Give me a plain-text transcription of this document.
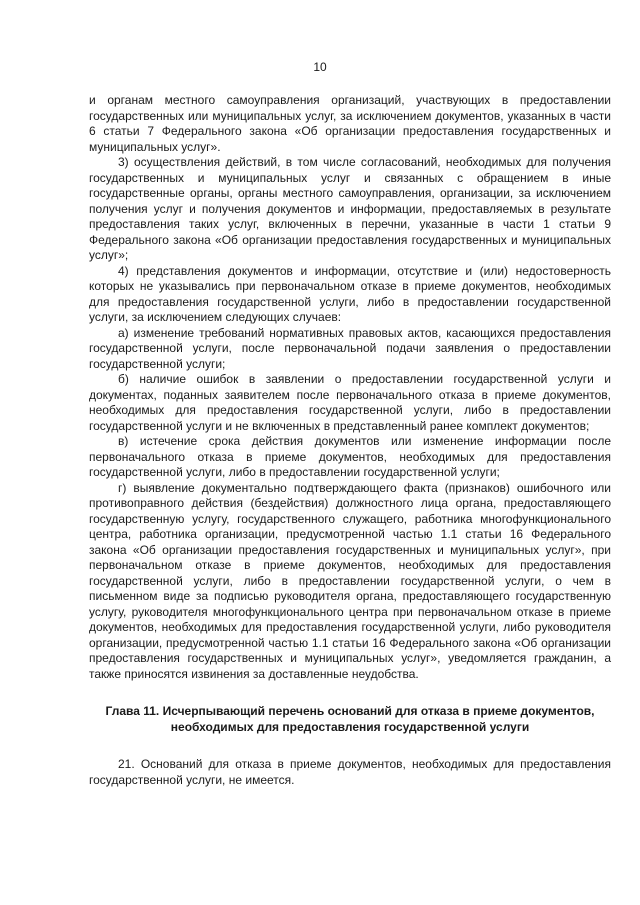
10

и органам местного самоуправления организаций, участвующих в предоставлении государственных или муниципальных услуг, за исключением документов, указанных в части 6 статьи 7 Федерального закона «Об организации предоставления государственных и муниципальных услуг».

3) осуществления действий, в том числе согласований, необходимых для получения государственных и муниципальных услуг и связанных с обращением в иные государственные органы, органы местного самоуправления, организации, за исключением получения услуг и получения документов и информации, предоставляемых в результате предоставления таких услуг, включенных в перечни, указанные в части 1 статьи 9 Федерального закона «Об организации предоставления государственных и муниципальных услуг»;

4) представления документов и информации, отсутствие и (или) недостоверность которых не указывались при первоначальном отказе в приеме документов, необходимых для предоставления государственной услуги, либо в предоставлении государственной услуги, за исключением следующих случаев:

а) изменение требований нормативных правовых актов, касающихся предоставления государственной услуги, после первоначальной подачи заявления о предоставлении государственной услуги;

б) наличие ошибок в заявлении о предоставлении государственной услуги и документах, поданных заявителем после первоначального отказа в приеме документов, необходимых для предоставления государственной услуги, либо в предоставлении государственной услуги и не включенных в представленный ранее комплект документов;

в) истечение срока действия документов или изменение информации после первоначального отказа в приеме документов, необходимых для предоставления государственной услуги, либо в предоставлении государственной услуги;

г) выявление документально подтверждающего факта (признаков) ошибочного или противоправного действия (бездействия) должностного лица органа, предоставляющего государственную услугу, государственного служащего, работника многофункционального центра, работника организации, предусмотренной частью 1.1 статьи 16 Федерального закона «Об организации предоставления государственных и муниципальных услуг», при первоначальном отказе в приеме документов, необходимых для предоставления государственной услуги, либо в предоставлении государственной услуги, о чем в письменном виде за подписью руководителя органа, предоставляющего государственную услугу, руководителя многофункционального центра при первоначальном отказе в приеме документов, необходимых для предоставления государственной услуги, либо руководителя организации, предусмотренной частью 1.1 статьи 16 Федерального закона «Об организации предоставления государственных и муниципальных услуг», уведомляется гражданин, а также приносятся извинения за доставленные неудобства.

Глава 11. Исчерпывающий перечень оснований для отказа в приеме документов, необходимых для предоставления государственной услуги

21. Оснований для отказа в приеме документов, необходимых для предоставления государственной услуги, не имеется.
